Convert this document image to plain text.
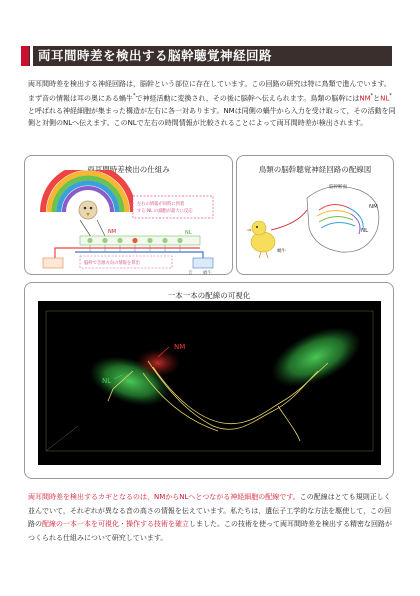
両耳間時差を検出する脳幹聴覚神経回路
両耳間時差を検出する神経回路は，脳幹という部位に存在しています。この回路の研究は特に鳥類で進んでいます。まず音の情報は耳の奥にある蝸牛*で神経活動に変換され，その後に脳幹へ伝えられます。鳥類の脳幹にはNM*とNL*と呼ばれる神経細胞が集まった構造が左右に各一対あります。NMは同側の蝸牛から入力を受け取って，その活動を同側と対側のNLへ伝えます。このNLで左右の時間情報が比較されることによって両耳間時差が検出されます。
両耳間時差検出の仕組み
左右の情報が同時に到着
する NL の細胞が最大に反応
NM	NL
脳幹で音源方向の情報を算出
音 蝸牛
鳥類の脳幹聴覚神経回路の配線図
脳幹断面
NM
NL
蝸牛
一本一本の配線の可視化
NM
NL
両耳間時差を検出するカギとなるのは，NMからNLへとつながる神経細胞の配線です。この配線はとても規則正しく並んでいて，それぞれが異なる音の高さの情報を伝えています。私たちは，遺伝子工学的な方法を駆使して，この回路の配線の一本一本を可視化・操作する技術を確立しました。この技術を使って両耳間時差を検出する精密な回路がつくられる仕組みについて研究しています。
